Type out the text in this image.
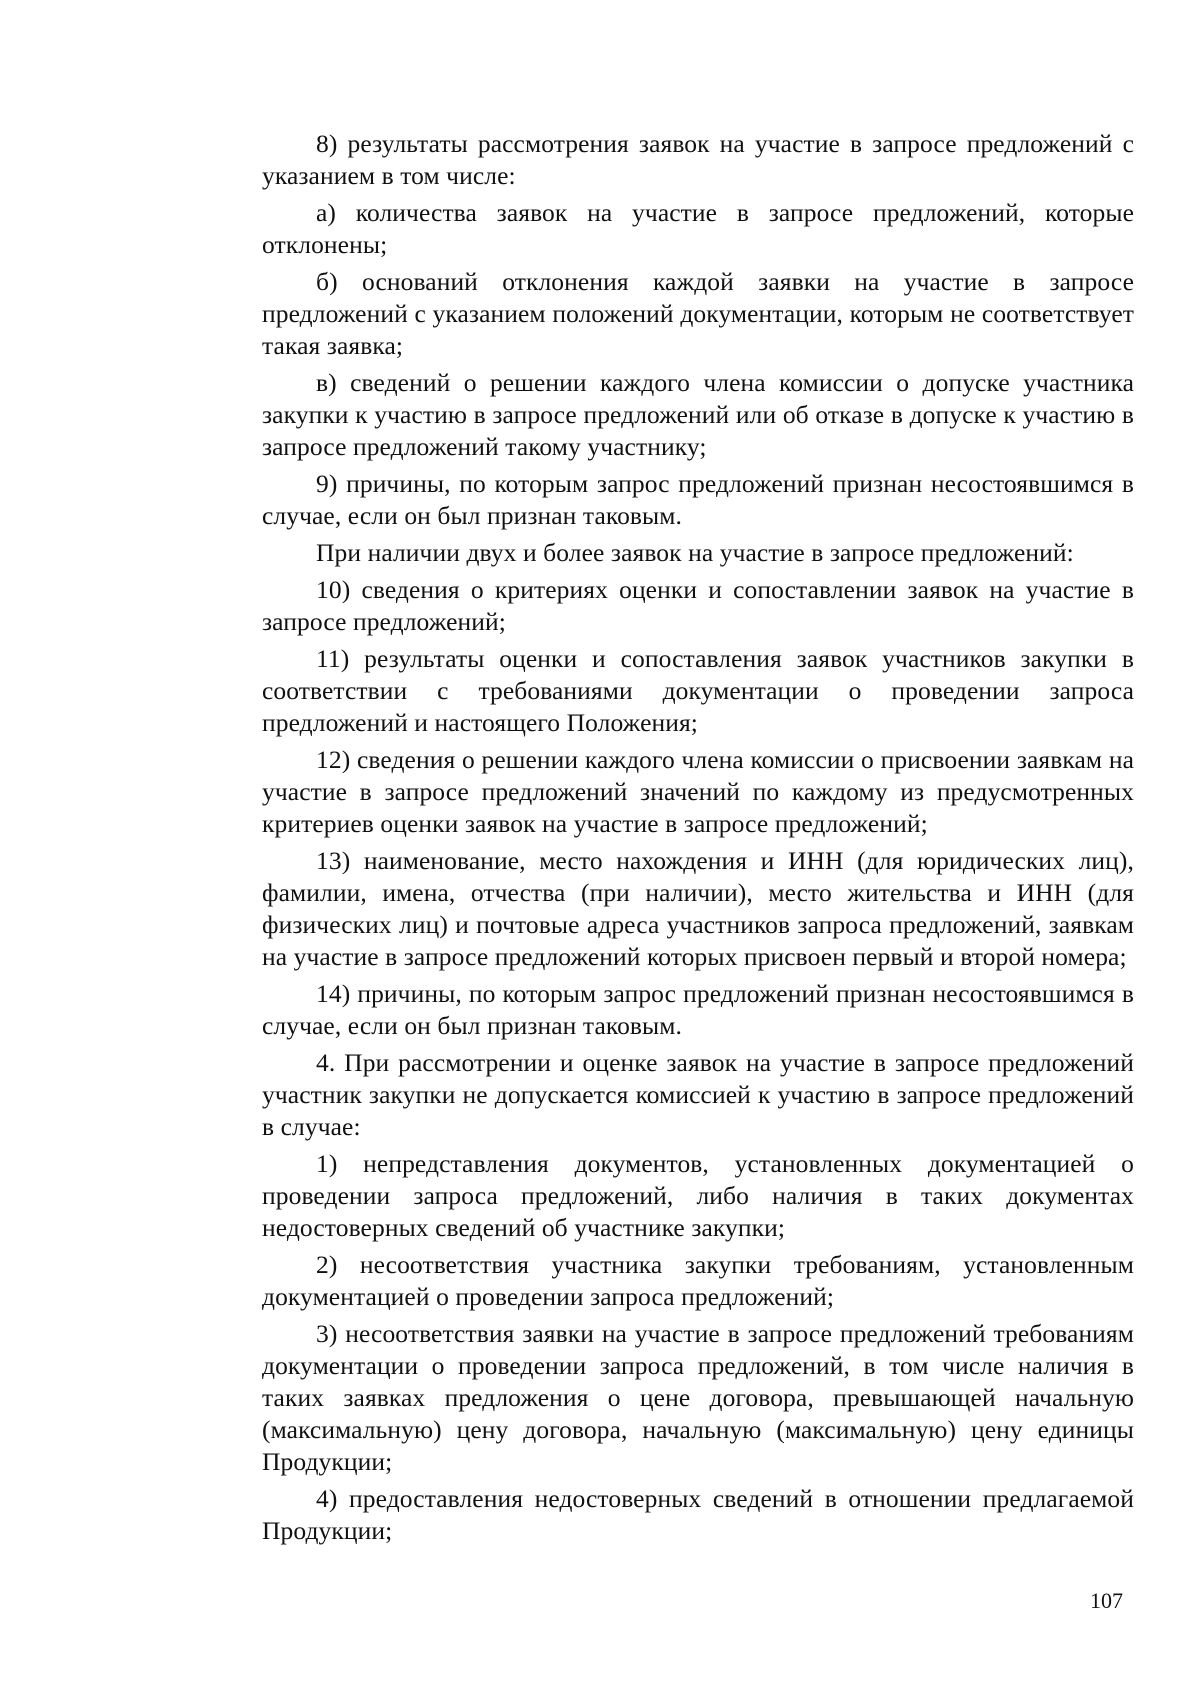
8) результаты рассмотрения заявок на участие в запросе предложений с указанием в том числе:

а) количества заявок на участие в запросе предложений, которые отклонены;

б) оснований отклонения каждой заявки на участие в запросе предложений с указанием положений документации, которым не соответствует такая заявка;

в) сведений о решении каждого члена комиссии о допуске участника закупки к участию в запросе предложений или об отказе в допуске к участию в запросе предложений такому участнику;

9) причины, по которым запрос предложений признан несостоявшимся в случае, если он был признан таковым.

При наличии двух и более заявок на участие в запросе предложений:

10) сведения о критериях оценки и сопоставлении заявок на участие в запросе предложений;

11) результаты оценки и сопоставления заявок участников закупки в соответствии с требованиями документации о проведении запроса предложений и настоящего Положения;

12) сведения о решении каждого члена комиссии о присвоении заявкам на участие в запросе предложений значений по каждому из предусмотренных критериев оценки заявок на участие в запросе предложений;

13) наименование, место нахождения и ИНН (для юридических лиц), фамилии, имена, отчества (при наличии), место жительства и ИНН (для физических лиц) и почтовые адреса участников запроса предложений, заявкам на участие в запросе предложений которых присвоен первый и второй номера;

14) причины, по которым запрос предложений признан несостоявшимся в случае, если он был признан таковым.

4. При рассмотрении и оценке заявок на участие в запросе предложений участник закупки не допускается комиссией к участию в запросе предложений в случае:

1) непредставления документов, установленных документацией о проведении запроса предложений, либо наличия в таких документах недостоверных сведений об участнике закупки;

2) несоответствия участника закупки требованиям, установленным документацией о проведении запроса предложений;

3) несоответствия заявки на участие в запросе предложений требованиям документации о проведении запроса предложений, в том числе наличия в таких заявках предложения о цене договора, превышающей начальную (максимальную) цену договора, начальную (максимальную) цену единицы Продукции;

4) предоставления недостоверных сведений в отношении предлагаемой Продукции;

107
